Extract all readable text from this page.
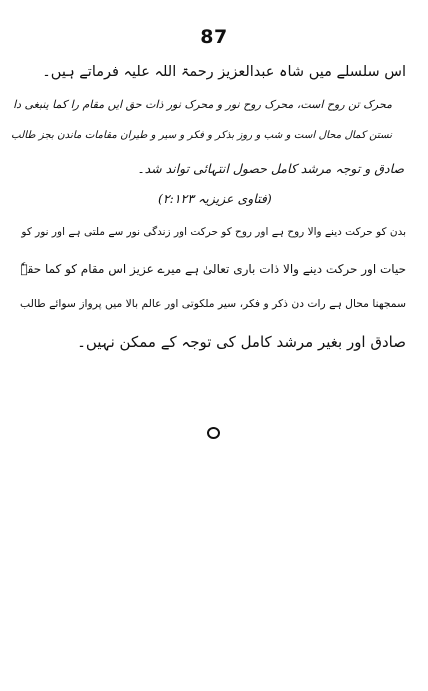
87
اس سلسلے میں شاہ عبدالعزیز رحمۃ اللہ علیہ فرماتے ہیں۔
محرک تن روح است، محرک روح نور و محرک نور ذات حق ایں مقام را کما ینبغی دا
نستن کمال محال است و شب و روز بذکر و فکر و سیر و طیران مقامات ماندن بجز طالب
صادق و توجہ مرشد کامل حصول انتہائی تواند شد۔
(فتاوی عزیزیہ ۲:۱۲۳)
بدن کو حرکت دینے والا روح ہے اور روح کو حرکت اور زندگی نور سے ملتی ہے اور نور کو
حیات اور حرکت دینے والا ذات باری تعالیٰ ہے میرے عزیز اس مقام کو کما حقہٗ
سمجھنا محال ہے رات دن ذکر و فکر، سیر ملکوتی اور عالم بالا میں پرواز سوائے طالب
صادق اور بغیر مرشد کامل کی توجہ کے ممکن نہیں۔
